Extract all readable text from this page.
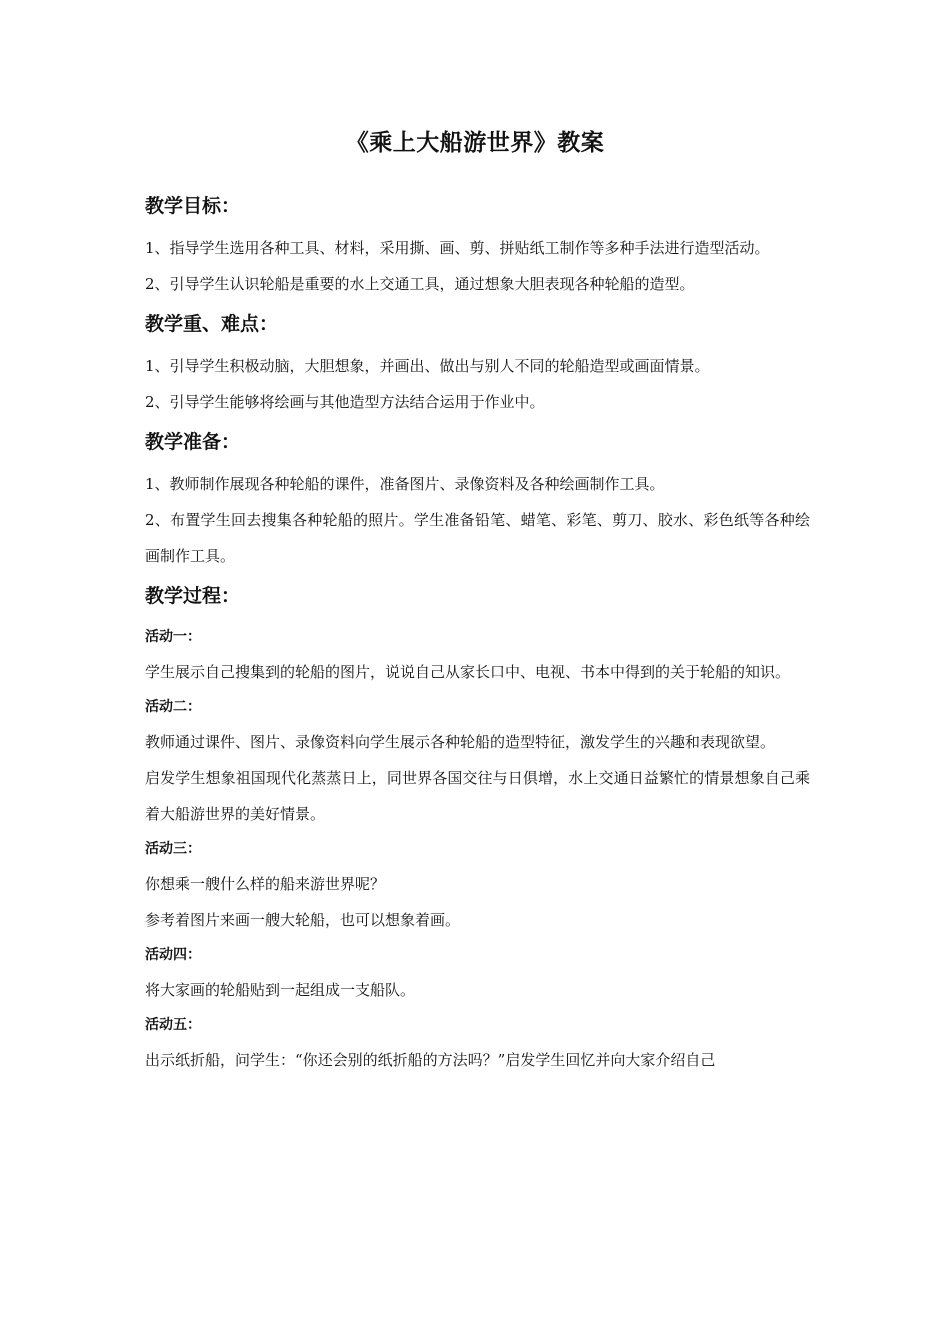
《乘上大船游世界》教案
教学目标：

1、指导学生选用各种工具、材料，采用撕、画、剪、拼贴纸工制作等多种手法进行造型活动。

2、引导学生认识轮船是重要的水上交通工具，通过想象大胆表现各种轮船的造型。

教学重、难点：

1、引导学生积极动脑，大胆想象，并画出、做出与别人不同的轮船造型或画面情景。

2、引导学生能够将绘画与其他造型方法结合运用于作业中。

教学准备：

1、教师制作展现各种轮船的课件，准备图片、录像资料及各种绘画制作工具。

2、布置学生回去搜集各种轮船的照片。学生准备铅笔、蜡笔、彩笔、剪刀、胶水、彩色纸等各种绘画制作工具。

教学过程：

活动一：

学生展示自己搜集到的轮船的图片，说说自己从家长口中、电视、书本中得到的关于轮船的知识。

活动二：

教师通过课件、图片、录像资料向学生展示各种轮船的造型特征，激发学生的兴趣和表现欲望。

启发学生想象祖国现代化蒸蒸日上，同世界各国交往与日俱增，水上交通日益繁忙的情景想象自己乘着大船游世界的美好情景。

活动三：

你想乘一艘什么样的船来游世界呢？

参考着图片来画一艘大轮船，也可以想象着画。

活动四：

将大家画的轮船贴到一起组成一支船队。

活动五：

出示纸折船，问学生：“你还会别的纸折船的方法吗？”启发学生回忆并向大家介绍自己
